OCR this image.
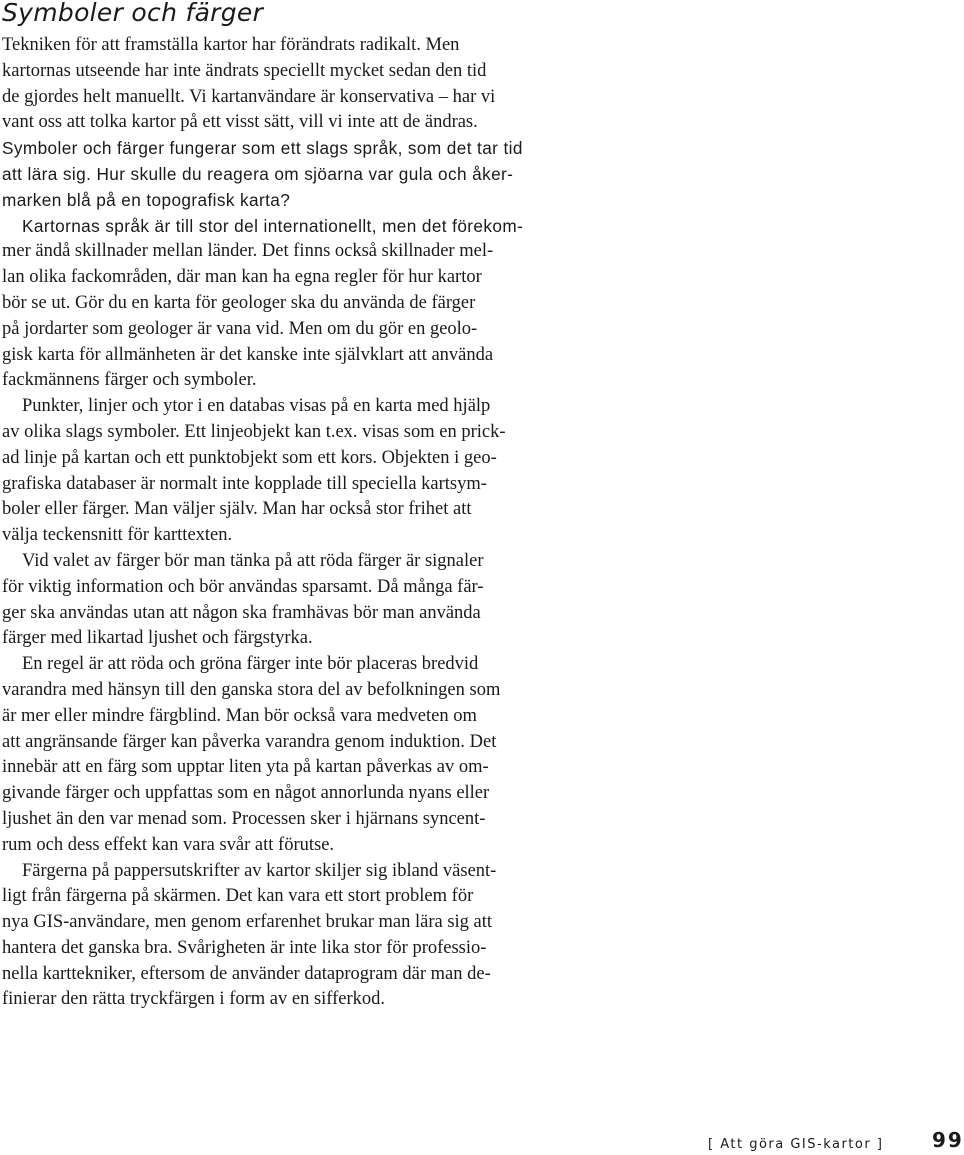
Symboler och färger
Tekniken för att framställa kartor har förändrats radikalt. Men
kartornas utseende har inte ändrats speciellt mycket sedan den tid
de gjordes helt manuellt. Vi kartanvändare är konservativa – har vi
vant oss att tolka kartor på ett visst sätt, vill vi inte att de ändras.
Symboler och färger fungerar som ett slags språk, som det tar tid
att lära sig. Hur skulle du reagera om sjöarna var gula och åker-
marken blå på en topografisk karta?
Kartornas språk är till stor del internationellt, men det förekom-
mer ändå skillnader mellan länder. Det finns också skillnader mel-
lan olika fackområden, där man kan ha egna regler för hur kartor
bör se ut. Gör du en karta för geologer ska du använda de färger
på jordarter som geologer är vana vid. Men om du gör en geolo-
gisk karta för allmänheten är det kanske inte självklart att använda
fackmännens färger och symboler.
Punkter, linjer och ytor i en databas visas på en karta med hjälp
av olika slags symboler. Ett linjeobjekt kan t.ex. visas som en prick-
ad linje på kartan och ett punktobjekt som ett kors. Objekten i geo-
grafiska databaser är normalt inte kopplade till speciella kartsym-
boler eller färger. Man väljer själv. Man har också stor frihet att
välja teckensnitt för karttexten.
Vid valet av färger bör man tänka på att röda färger är signaler
för viktig information och bör användas sparsamt. Då många fär-
ger ska användas utan att någon ska framhävas bör man använda
färger med likartad ljushet och färgstyrka.
En regel är att röda och gröna färger inte bör placeras bredvid
varandra med hänsyn till den ganska stora del av befolkningen som
är mer eller mindre färgblind. Man bör också vara medveten om
att angränsande färger kan påverka varandra genom induktion. Det
innebär att en färg som upptar liten yta på kartan påverkas av om-
givande färger och uppfattas som en något annorlunda nyans eller
ljushet än den var menad som. Processen sker i hjärnans syncent-
rum och dess effekt kan vara svår att förutse.
Färgerna på pappersutskrifter av kartor skiljer sig ibland väsent-
ligt från färgerna på skärmen. Det kan vara ett stort problem för
nya GIS-användare, men genom erfarenhet brukar man lära sig att
hantera det ganska bra. Svårigheten är inte lika stor för professio-
nella karttekniker, eftersom de använder dataprogram där man de-
finierar den rätta tryckfärgen i form av en sifferkod.
[ Att göra GIS-kartor ] 99
